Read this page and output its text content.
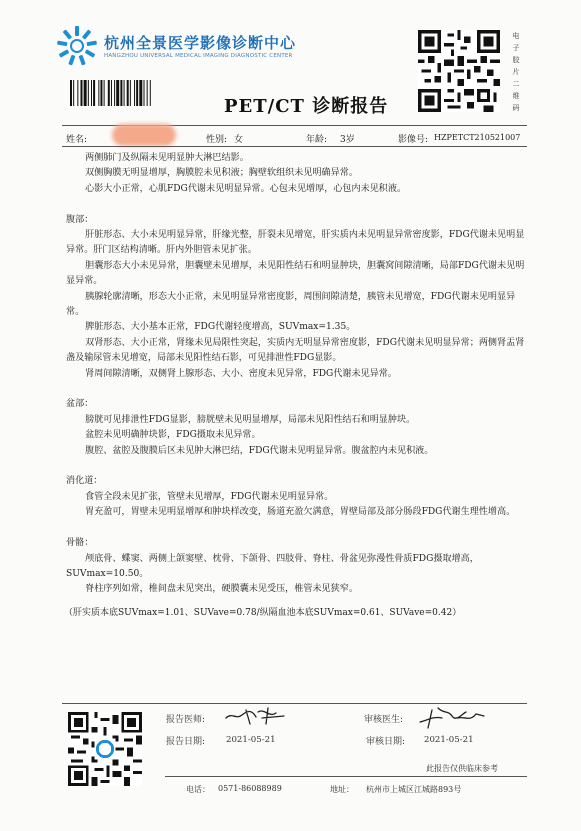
杭州全景医学影像诊断中心
HANGZHOU UNIVERSAL MEDICAL IMAGING DIAGNOSTIC CENTER
电
子
胶
片
二
维
码
PET/CT 诊断报告
姓名:	性别: 女	年龄: 3岁	影像号: HZPETCT210521007

两侧肺门及纵隔未见明显肿大淋巴结影。

双侧胸膜无明显增厚，胸膜腔未见积液；胸壁软组织未见明确异常。

心影大小正常，心肌FDG代谢未见明显异常。心包未见增厚，心包内未见积液。

腹部：

肝脏形态、大小未见明显异常，肝缘光整，肝裂未见增宽，肝实质内未见明显异常密度影，FDG代谢未见明显异常。肝门区结构清晰。肝内外胆管未见扩张。

胆囊形态大小未见异常，胆囊壁未见增厚，未见阳性结石和明显肿块，胆囊窝间隙清晰，局部FDG代谢未见明显异常。

胰腺轮廓清晰，形态大小正常，未见明显异常密度影，周围间隙清楚，胰管未见增宽，FDG代谢未见明显异常。

脾脏形态、大小基本正常，FDG代谢轻度增高，SUVmax=1.35。

双肾形态、大小正常，肾缘未见局限性突起，实质内无明显异常密度影，FDG代谢未见明显异常；两侧肾盂肾盏及输尿管未见增宽，局部未见阳性结石影，可见排泄性FDG显影。

肾周间隙清晰，双侧肾上腺形态、大小、密度未见异常，FDG代谢未见异常。

盆部：

膀胱可见排泄性FDG显影，膀胱壁未见明显增厚，局部未见阳性结石和明显肿块。

盆腔未见明确肿块影，FDG摄取未见异常。

腹腔、盆腔及腹膜后区未见肿大淋巴结，FDG代谢未见明显异常。腹盆腔内未见积液。

消化道：

食管全段未见扩张，管壁未见增厚，FDG代谢未见明显异常。

胃充盈可，胃壁未见明显增厚和肿块样改变，肠道充盈欠满意，胃壁局部及部分肠段FDG代谢生理性增高。

骨骼：

颅底骨、蝶窦、两侧上颌窦壁、枕骨、下颌骨、四肢骨、脊柱、骨盆见弥漫性骨质FDG摄取增高，SUVmax=10.50。

脊柱序列如常，椎间盘未见突出，硬膜囊未见受压，椎管未见狭窄。

（肝实质本底SUVmax=1.01、SUVave=0.78/纵隔血池本底SUVmax=0.61、SUVave=0.42）

报告医师:	审核医生:
报告日期: 2021-05-21	审核日期: 2021-05-21
此报告仅供临床参考
电话： 0571-86088989	地址： 杭州市上城区江城路893号
